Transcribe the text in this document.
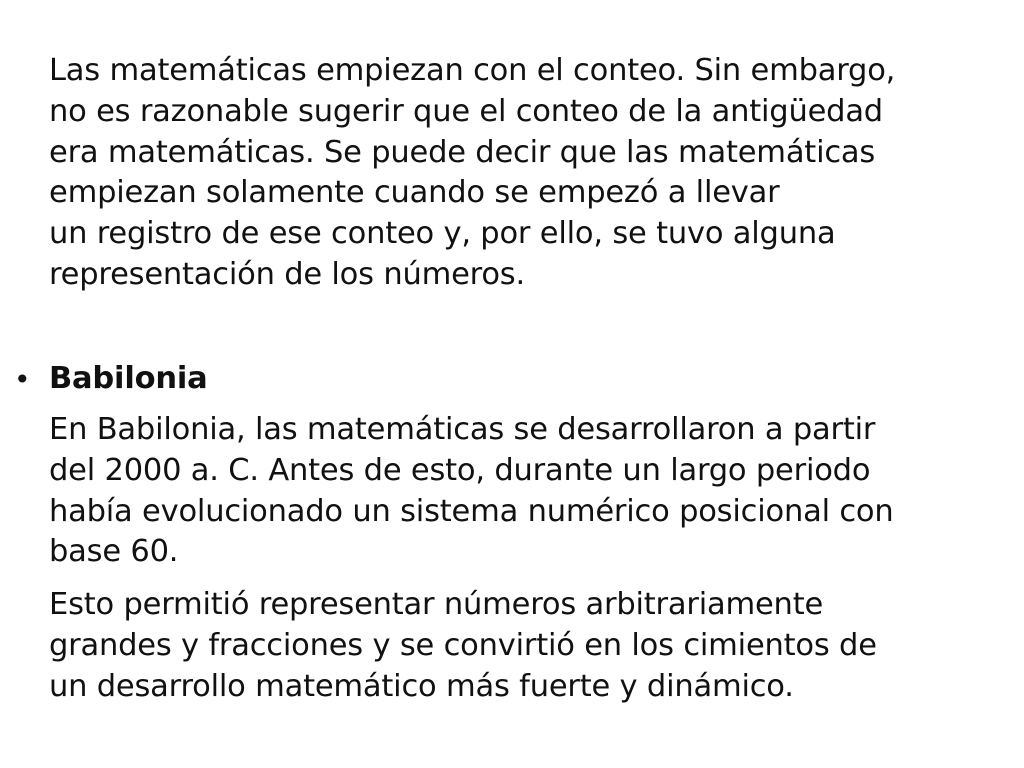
Las matemáticas empiezan con el conteo. Sin embargo,
no es razonable sugerir que el conteo de la antigüedad
era matemáticas. Se puede decir que las matemáticas
empiezan solamente cuando se empezó a llevar
un registro de ese conteo y, por ello, se tuvo alguna
representación de los números.
• Babilonia
En Babilonia, las matemáticas se desarrollaron a partir
del 2000 a. C. Antes de esto, durante un largo periodo
había evolucionado un sistema numérico posicional con
base 60.
Esto permitió representar números arbitrariamente
grandes y fracciones y se convirtió en los cimientos de
un desarrollo matemático más fuerte y dinámico.
